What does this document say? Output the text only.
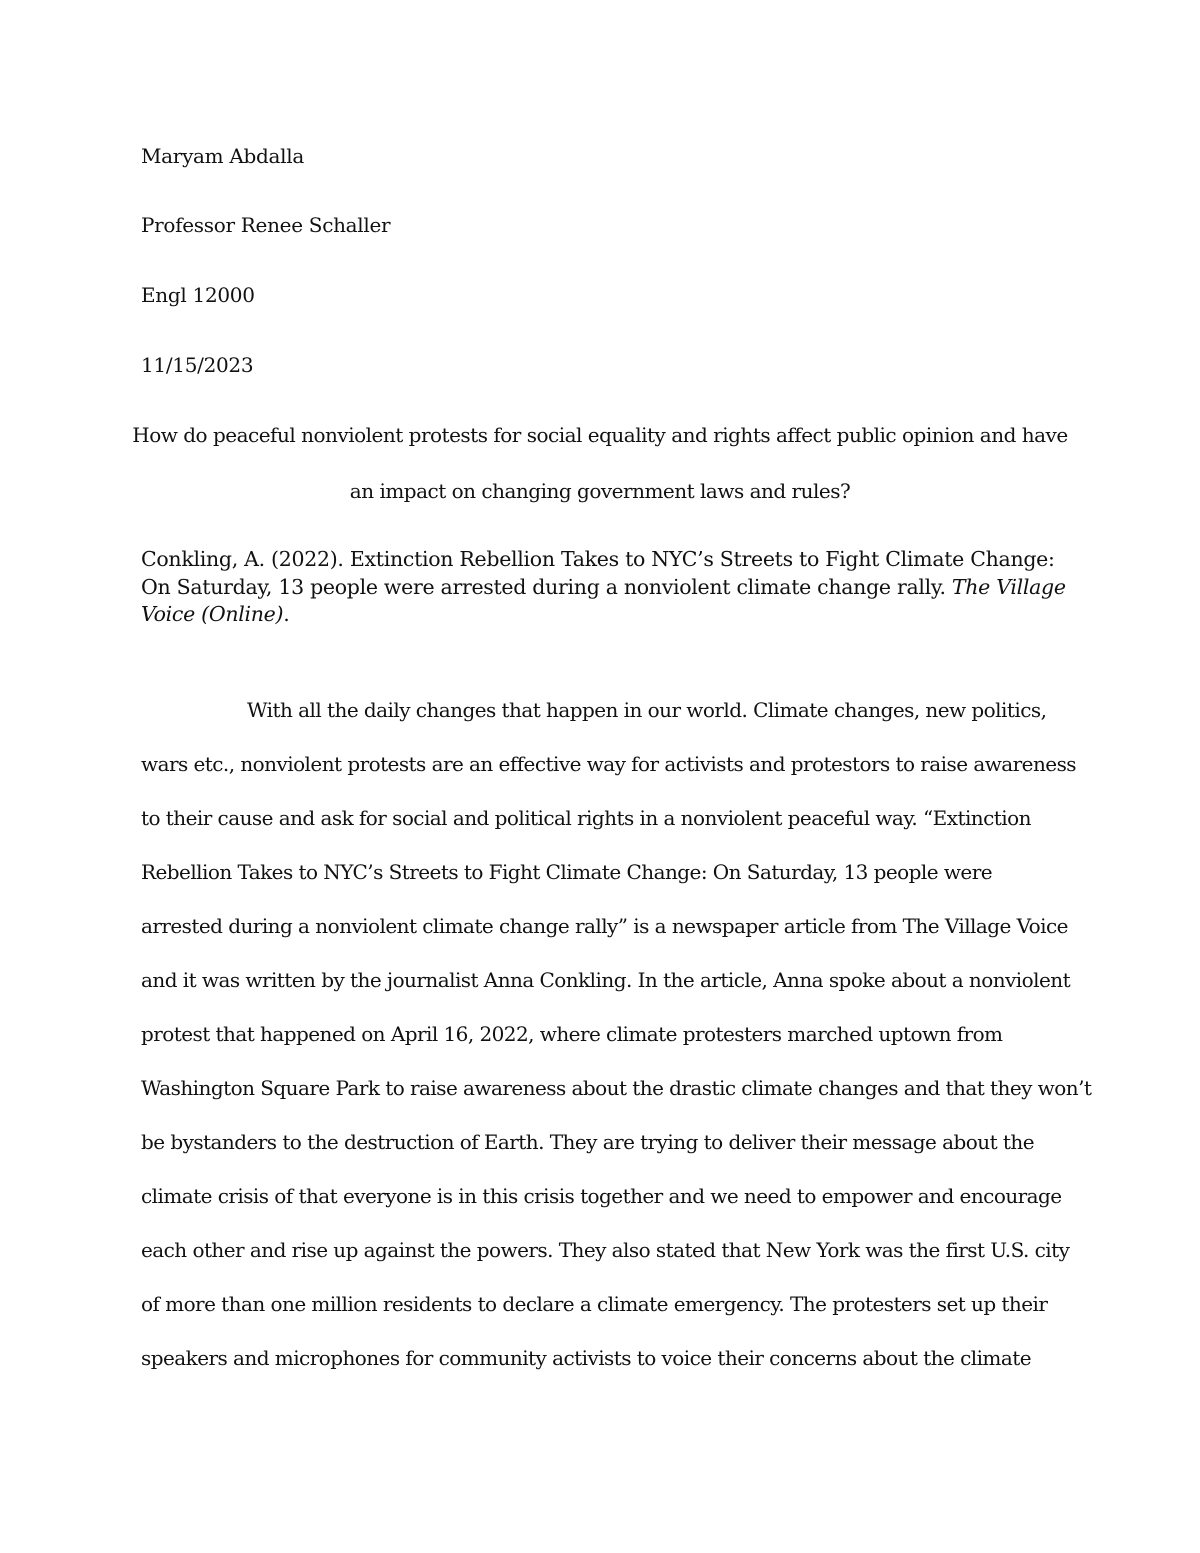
Maryam Abdalla

Professor Renee Schaller

Engl 12000

11/15/2023

How do peaceful nonviolent protests for social equality and rights affect public opinion and have

an impact on changing government laws and rules?

Conkling, A. (2022). Extinction Rebellion Takes to NYC’s Streets to Fight Climate Change: On Saturday, 13 people were arrested during a nonviolent climate change rally. The Village Voice (Online).

With all the daily changes that happen in our world. Climate changes, new politics,

wars etc., nonviolent protests are an effective way for activists and protestors to raise awareness

to their cause and ask for social and political rights in a nonviolent peaceful way. “Extinction

Rebellion Takes to NYC’s Streets to Fight Climate Change: On Saturday, 13 people were

arrested during a nonviolent climate change rally” is a newspaper article from The Village Voice

and it was written by the journalist Anna Conkling. In the article, Anna spoke about a nonviolent

protest that happened on April 16, 2022, where climate protesters marched uptown from

Washington Square Park to raise awareness about the drastic climate changes and that they won’t

be bystanders to the destruction of Earth. They are trying to deliver their message about the

climate crisis of that everyone is in this crisis together and we need to empower and encourage

each other and rise up against the powers. They also stated that New York was the first U.S. city

of more than one million residents to declare a climate emergency. The protesters set up their

speakers and microphones for community activists to voice their concerns about the climate
